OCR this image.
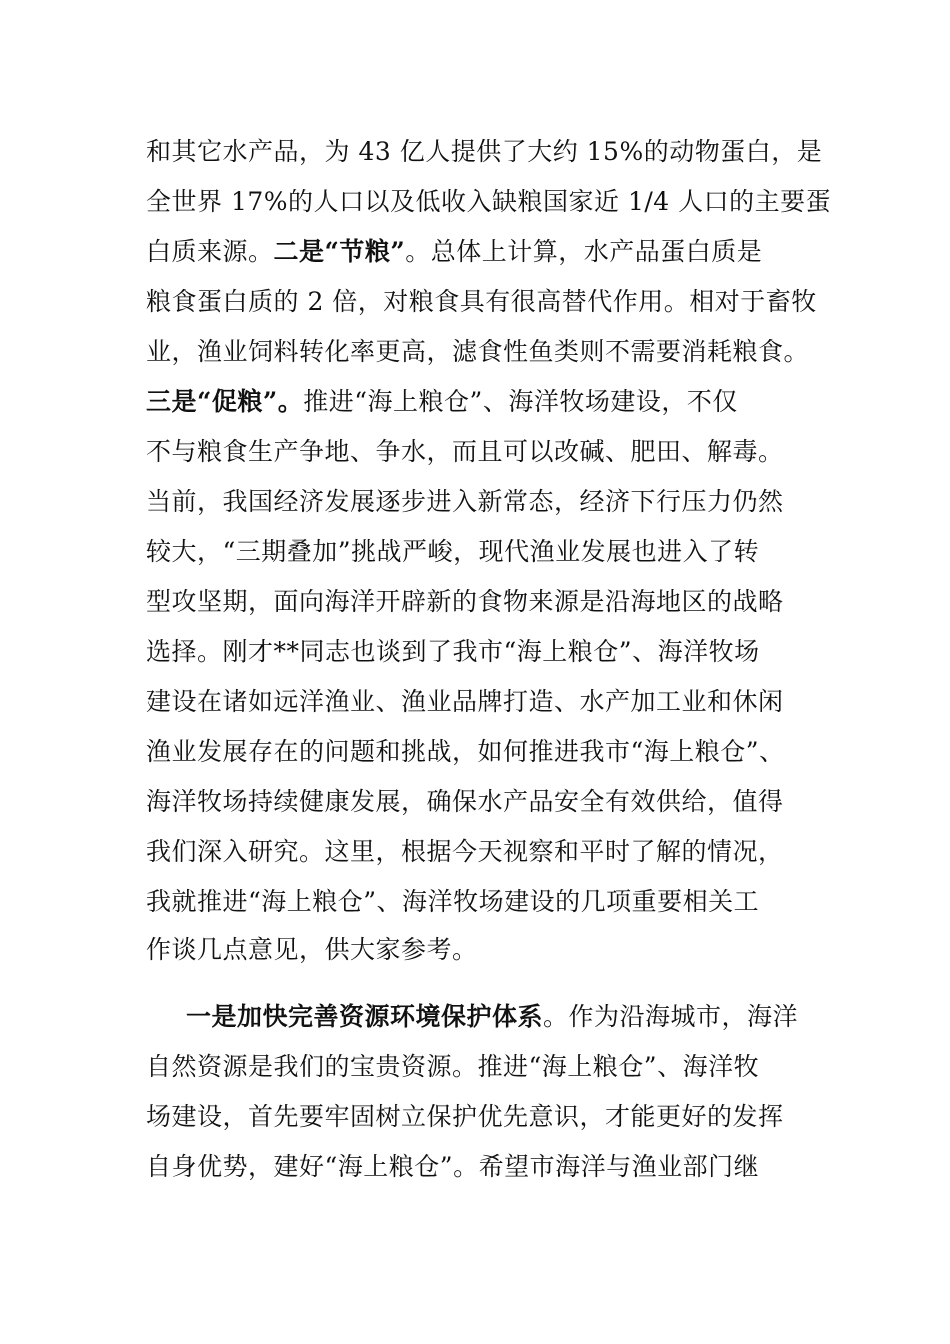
和其它水产品，为 43 亿人提供了大约 15%的动物蛋白，是
全世界 17%的人口以及低收入缺粮国家近 1/4 人口的主要蛋
白质来源。二是“节粮”。总体上计算，水产品蛋白质是
粮食蛋白质的 2 倍，对粮食具有很高替代作用。相对于畜牧
业，渔业饲料转化率更高，滤食性鱼类则不需要消耗粮食。
三是“促粮”。推进“海上粮仓”、海洋牧场建设，不仅
不与粮食生产争地、争水，而且可以改碱、肥田、解毒。
当前，我国经济发展逐步进入新常态，经济下行压力仍然
较大，“三期叠加”挑战严峻，现代渔业发展也进入了转
型攻坚期，面向海洋开辟新的食物来源是沿海地区的战略
选择。刚才**同志也谈到了我市“海上粮仓”、海洋牧场
建设在诸如远洋渔业、渔业品牌打造、水产加工业和休闲
渔业发展存在的问题和挑战，如何推进我市“海上粮仓”、
海洋牧场持续健康发展，确保水产品安全有效供给，值得
我们深入研究。这里，根据今天视察和平时了解的情况，
我就推进“海上粮仓”、海洋牧场建设的几项重要相关工
作谈几点意见，供大家参考。
一是加快完善资源环境保护体系。作为沿海城市，海洋
自然资源是我们的宝贵资源。推进“海上粮仓”、海洋牧
场建设，首先要牢固树立保护优先意识，才能更好的发挥
自身优势，建好“海上粮仓”。希望市海洋与渔业部门继
